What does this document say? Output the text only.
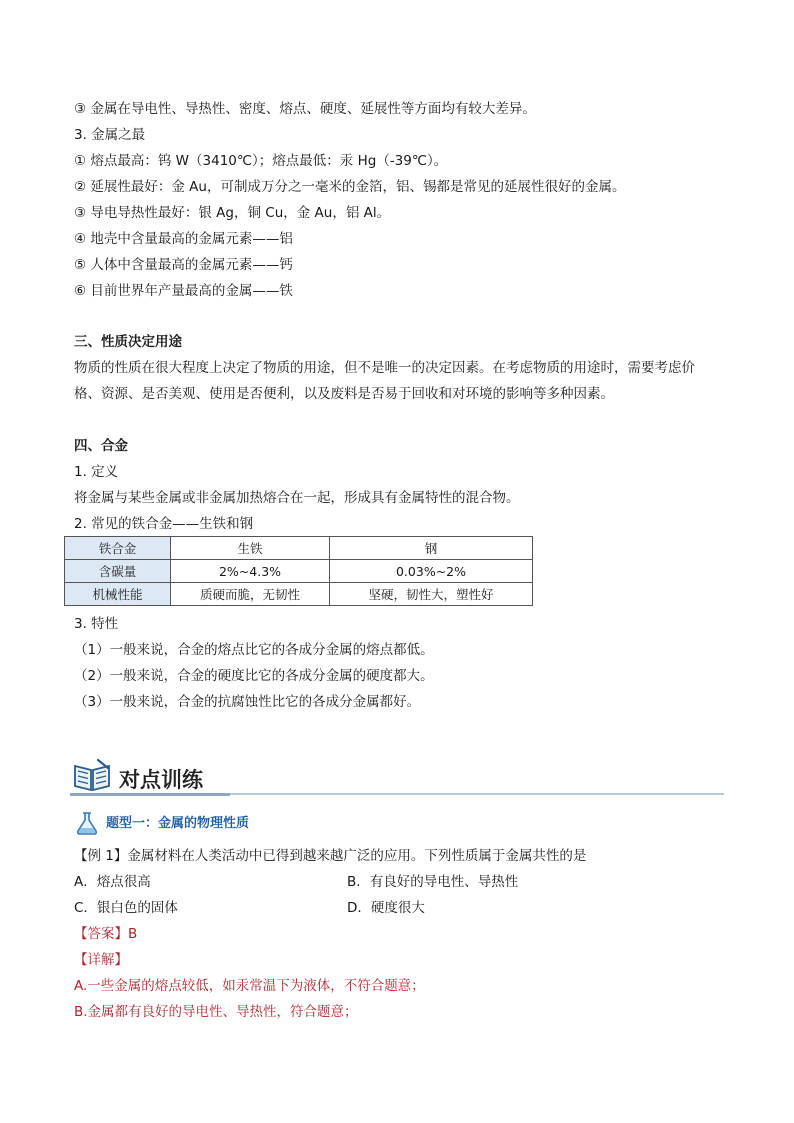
③ 金属在导电性、导热性、密度、熔点、硬度、延展性等方面均有较大差异。
3. 金属之最
① 熔点最高：钨 W（3410℃）；熔点最低：汞 Hg（-39℃）。
② 延展性最好：金 Au，可制成万分之一毫米的金箔，铝、锡都是常见的延展性很好的金属。
③ 导电导热性最好：银 Ag，铜 Cu，金 Au，铝 Al。
④ 地壳中含量最高的金属元素——铝
⑤ 人体中含量最高的金属元素——钙
⑥ 目前世界年产量最高的金属——铁
三、性质决定用途
物质的性质在很大程度上决定了物质的用途，但不是唯一的决定因素。在考虑物质的用途时，需要考虑价
格、资源、是否美观、使用是否便利，以及废料是否易于回收和对环境的影响等多种因素。
四、合金
1. 定义
将金属与某些金属或非金属加热熔合在一起，形成具有金属特性的混合物。
2. 常见的铁合金——生铁和钢
铁合金	生铁	钢
含碳量	2%~4.3%	0.03%~2%
机械性能	质硬而脆，无韧性	坚硬，韧性大，塑性好
3. 特性
（1）一般来说，合金的熔点比它的各成分金属的熔点都低。
（2）一般来说，合金的硬度比它的各成分金属的硬度都大。
（3）一般来说，合金的抗腐蚀性比它的各成分金属都好。
对点训练
题型一：金属的物理性质
【例 1】金属材料在人类活动中已得到越来越广泛的应用。下列性质属于金属共性的是
A．熔点很高	B．有良好的导电性、导热性
C．银白色的固体	D．硬度很大
【答案】B
【详解】
A.一些金属的熔点较低，如汞常温下为液体，不符合题意；
B.金属都有良好的导电性、导热性，符合题意；
